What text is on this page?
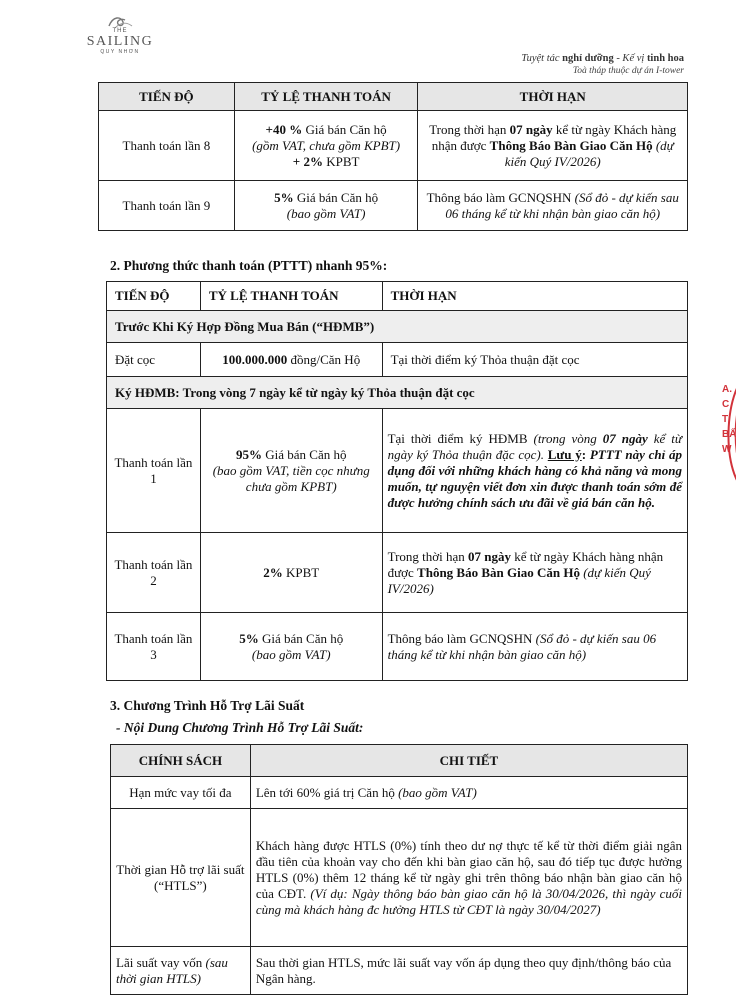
THE
SAILING
QUY NHƠN
Tuyệt tác nghỉ dưỡng - Kế vị tinh hoa
Toà tháp thuộc dự án I-tower
TIẾN ĐỘ	TỶ LỆ THANH TOÁN	THỜI HẠN
Thanh toán lần 8	+40 % Giá bán Căn hộ
(gồm VAT, chưa gồm KPBT)
+ 2% KPBT	Trong thời hạn 07 ngày kể từ ngày Khách hàng nhận được Thông Báo Bàn Giao Căn Hộ (dự kiến Quý IV/2026)
Thanh toán lần 9	5% Giá bán Căn hộ
(bao gồm VAT)	Thông báo làm GCNQSHN (Sổ đỏ - dự kiến sau 06 tháng kể từ khi nhận bàn giao căn hộ)
2. Phương thức thanh toán (PTTT) nhanh 95%:
TIẾN ĐỘ	TỶ LỆ THANH TOÁN	THỜI HẠN
Trước Khi Ký Hợp Đồng Mua Bán (“HĐMB”)		
Đặt cọc	100.000.000 đồng/Căn Hộ	Tại thời điểm ký Thỏa thuận đặt cọc
Ký HĐMB: Trong vòng 7 ngày kể từ ngày ký Thỏa thuận đặt cọc		
Thanh toán lần 1	95% Giá bán Căn hộ
(bao gồm VAT, tiền cọc nhưng chưa gồm KPBT)	Tại thời điểm ký HĐMB (trong vòng 07 ngày kể từ ngày ký Thỏa thuận đặc cọc). Lưu ý: PTTT này chỉ áp dụng đối với những khách hàng có khả năng và mong muốn, tự nguyện viết đơn xin được thanh toán sớm để được hưởng chính sách ưu đãi về giá bán căn hộ.
Thanh toán lần 2	2% KPBT	Trong thời hạn 07 ngày kể từ ngày Khách hàng nhận được Thông Báo Bàn Giao Căn Hộ (dự kiến Quý IV/2026)
Thanh toán lần 3	5% Giá bán Căn hộ
(bao gồm VAT)	Thông báo làm GCNQSHN (Sổ đỏ - dự kiến sau 06 tháng kể từ khi nhận bàn giao căn hộ)
3. Chương Trình Hỗ Trợ Lãi Suất
- Nội Dung Chương Trình Hỗ Trợ Lãi Suất:
CHÍNH SÁCH	CHI TIẾT
Hạn mức vay tối đa	Lên tới 60% giá trị Căn hộ (bao gồm VAT)
Thời gian Hỗ trợ lãi suất (“HTLS”)	Khách hàng được HTLS (0%) tính theo dư nợ thực tế kể từ thời điểm giải ngân đầu tiên của khoản vay cho đến khi bàn giao căn hộ, sau đó tiếp tục được hưởng HTLS (0%) thêm 12 tháng kể từ ngày ghi trên thông báo nhận bàn giao căn hộ của CĐT. (Ví dụ: Ngày thông báo bàn giao căn hộ là 30/04/2026, thì ngày cuối cùng mà khách hàng đc hưởng HTLS từ CĐT là ngày 30/04/2027)
Lãi suất vay vốn (sau thời gian HTLS)	Sau thời gian HTLS, mức lãi suất vay vốn áp dụng theo quy định/thông báo của Ngân hàng.
A.
C
T
BẤ
W
